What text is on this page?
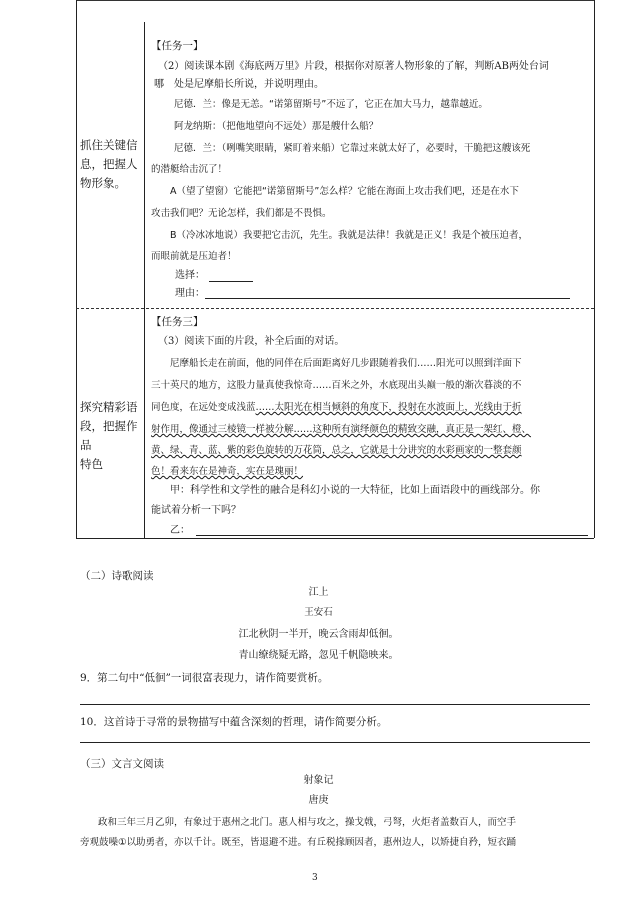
抓住关键信
息，把握人
物形象。
【任务一】
（2）阅读课本剧《海底两万里》片段，根据你对原著人物形象的了解，判断AB两处台词
哪　处是尼摩船长所说，并说明理由。
尼德．兰：像是无恙。“诺第留斯号”不远了，它正在加大马力，越靠越近。
阿龙纳斯：（把他地望向不远处）那是艘什么船？
尼德．兰：（咧嘴笑眼睛，紧盯着来船）它靠过来就太好了，必要时，干脆把这艘该死
的潜艇给击沉了！
A（望了望窗）它能把“诺第留斯号”怎么样？它能在海面上攻击我们吧，还是在水下
攻击我们吧？无论怎样，我们都是不畏惧。
B（冷冰冰地说）我要把它击沉，先生。我就是法律！我就是正义！我是个被压迫者，
而眼前就是压迫者！
选择：
理由：
探究精彩语
段，把握作品
特色
【任务三】
（3）阅读下面的片段，补全后面的对话。
尼摩船长走在前面，他的同伴在后面距离好几步跟随着我们……阳光可以照到洋面下
三十英尺的地方，这股力量真使我惊奇……百米之外，水底现出头巅一般的渐次暮淡的不
同色度，在远处变成浅蓝……太阳光在相当倾斜的角度下，投射在水波面上，光线由于折
射作用，像通过三棱镜一样被分解……这种所有演绎颜色的精致交融，真正是一架红、橙、
黄、绿、青、蓝、紫的彩色旋转的万花筒，总之，它就是十分讲究的水彩画家的一整套颜
色！看来东在是神奇，实在是瑰丽！
甲：科学性和文学性的融合是科幻小说的一大特征，比如上面语段中的画线部分。你
能试着分析一下吗？
乙：
（二）诗歌阅读
江上
王安石
江北秋阴一半开，晚云含雨却低徊。
青山缭绕疑无路，忽见千帆隐映来。
9．第二句中“低徊”一词很富表现力，请作简要赏析。
10．这首诗于寻常的景物描写中蕴含深刻的哲理，请作简要分析。
（三）文言文阅读
射象记
唐庚
政和三年三月乙卯，有象过于惠州之北门。惠人相与攻之，操戈戟，弓弩，火炬者盖数百人，而空手
旁观鼓噪①以助勇者，亦以千计。既至，皆退避不进。有丘税掾顾因者，惠州边人，以矫捷自矜，短衣踊
3
